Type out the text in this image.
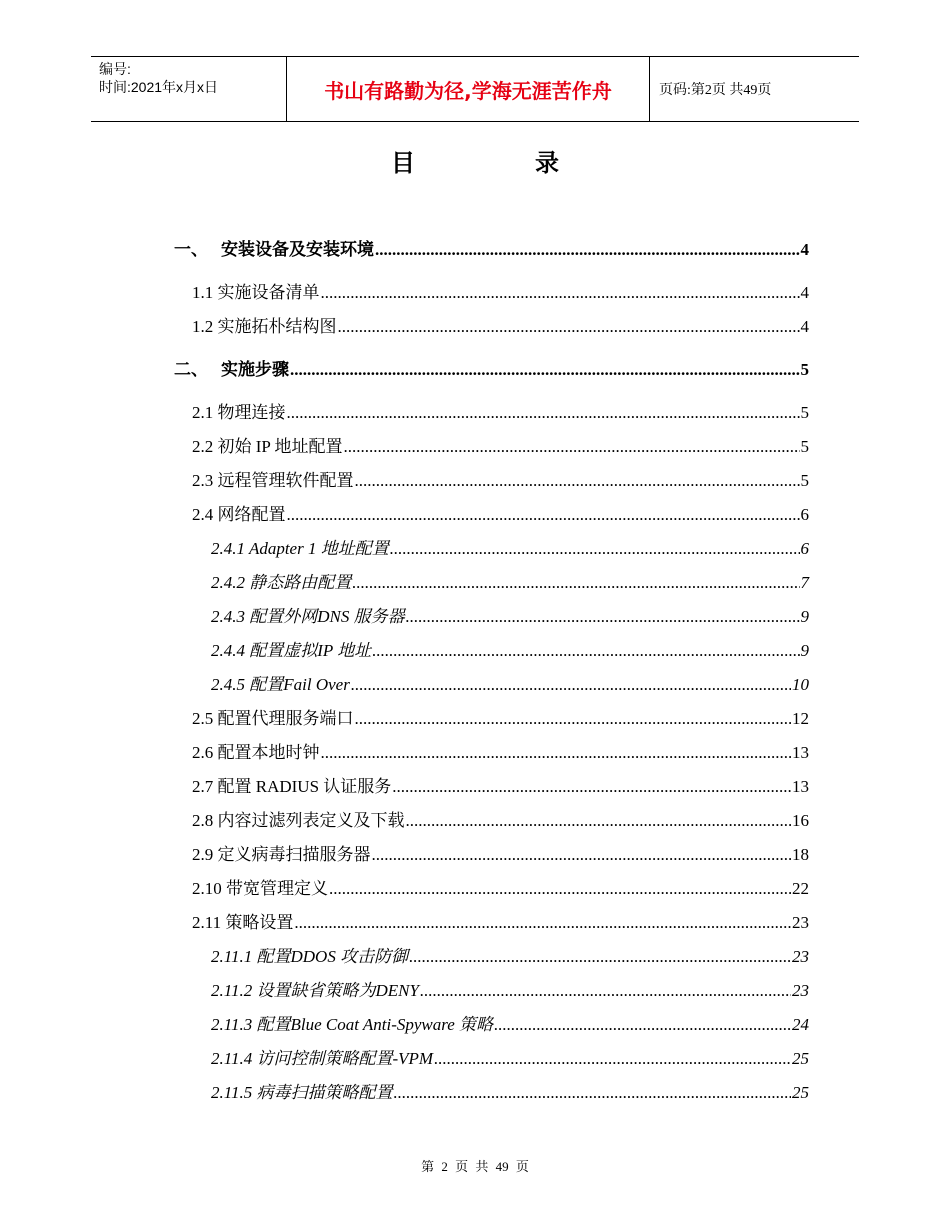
编号:
时间:2021年x月x日	书山有路勤为径,学海无涯苦作舟	页码:第2页 共49页
目	录
一、 安装设备及安装环境 .....	4
1.1 实施设备清单 .....	4
1.2 实施拓朴结构图 .....	4
二、 实施步骤 .....	5
2.1 物理连接 .....	5
2.2 初始 IP 地址配置 .....	5
2.3 远程管理软件配置 .....	5
2.4 网络配置 .....	6
2.4.1 Adapter 1 地址配置 .....	6
2.4.2 静态路由配置 .....	7
2.4.3 配置外网DNS 服务器 .....	9
2.4.4 配置虚拟IP 地址 .....	9
2.4.5 配置Fail Over .....	10
2.5 配置代理服务端口 .....	12
2.6 配置本地时钟 .....	13
2.7 配置 RADIUS 认证服务 .....	13
2.8 内容过滤列表定义及下载 .....	16
2.9 定义病毒扫描服务器 .....	18
2.10 带宽管理定义 .....	22
2.11 策略设置 .....	23
2.11.1 配置DDOS 攻击防御 .....	23
2.11.2 设置缺省策略为DENY .....	23
2.11.3 配置Blue Coat Anti-Spyware 策略 .....	24
2.11.4 访问控制策略配置-VPM .....	25
2.11.5 病毒扫描策略配置 .....	25
第 2 页 共 49 页
